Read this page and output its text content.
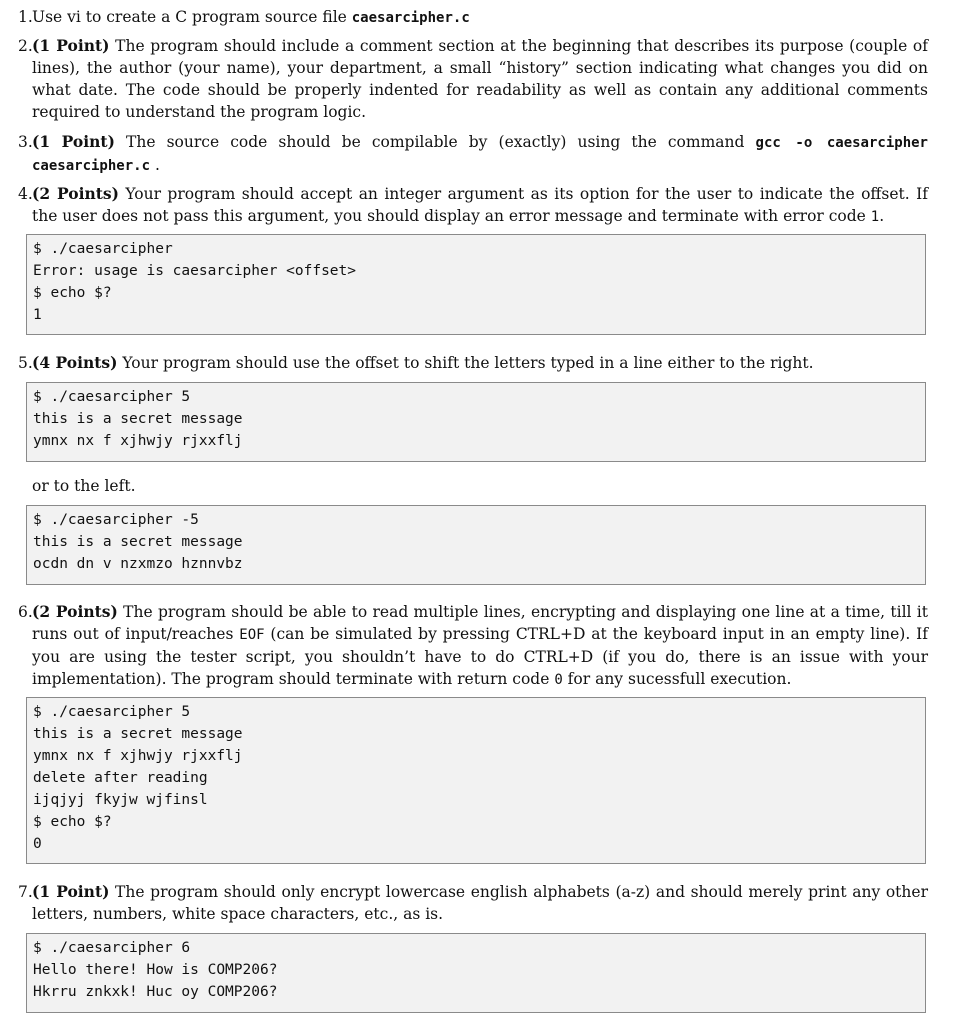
1. Use vi to create a C program source file caesarcipher.c
2. (1 Point) The program should include a comment section at the beginning that describes its purpose (couple of lines), the author (your name), your department, a small “history” section indicating what changes you did on what date. The code should be properly indented for readability as well as contain any additional comments required to understand the program logic.
3. (1 Point) The source code should be compilable by (exactly) using the command gcc -o caesarcipher caesarcipher.c .
4. (2 Points) Your program should accept an integer argument as its option for the user to indicate the offset. If the user does not pass this argument, you should display an error message and terminate with error code 1.
$ ./caesarcipher
Error: usage is caesarcipher <offset>
$ echo $?
1
5. (4 Points) Your program should use the offset to shift the letters typed in a line either to the right.
$ ./caesarcipher 5
this is a secret message
ymnx nx f xjhwjy rjxxflj
or to the left.
$ ./caesarcipher -5
this is a secret message
ocdn dn v nzxmzo hznnvbz
6. (2 Points) The program should be able to read multiple lines, encrypting and displaying one line at a time, till it runs out of input/reaches EOF (can be simulated by pressing CTRL+D at the keyboard input in an empty line). If you are using the tester script, you shouldn’t have to do CTRL+D (if you do, there is an issue with your implementation). The program should terminate with return code 0 for any sucessfull execution.
$ ./caesarcipher 5
this is a secret message
ymnx nx f xjhwjy rjxxflj
delete after reading
ijqjyj fkyjw wjfinsl
$ echo $?
0
7. (1 Point) The program should only encrypt lowercase english alphabets (a-z) and should merely print any other letters, numbers, white space characters, etc., as is.
$ ./caesarcipher 6
Hello there! How is COMP206?
Hkrru znkxk! Huc oy COMP206?
